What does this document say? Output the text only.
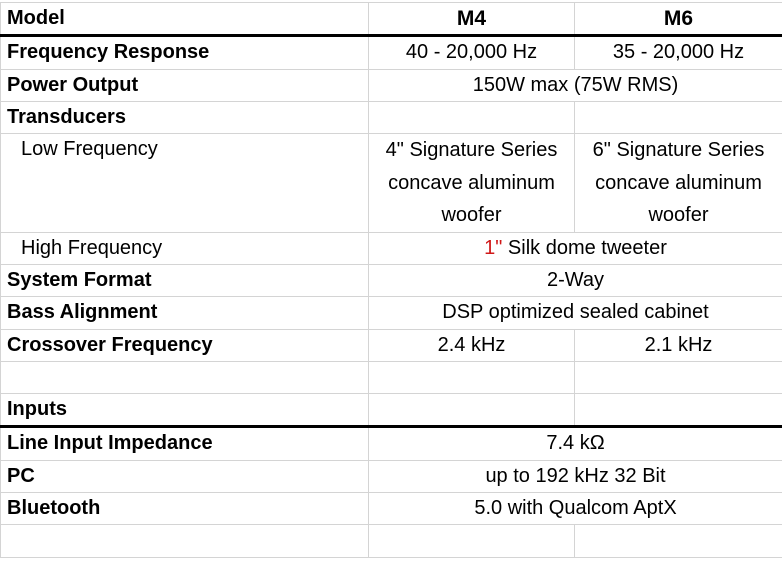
Model	M4	M6
Frequency Response	40 - 20,000 Hz	35 - 20,000 Hz
Power Output	150W max (75W RMS)	
Transducers		
Low Frequency	4" Signature Series concave aluminum woofer	6" Signature Series concave aluminum woofer
High Frequency	1" Silk dome tweeter	
System Format	2-Way	
Bass Alignment	DSP optimized sealed cabinet	
Crossover Frequency	2.4 kHz	2.1 kHz

Inputs		
Line Input Impedance	7.4 kΩ	
PC	up to 192 kHz 32 Bit	
Bluetooth	5.0 with Qualcom AptX	
